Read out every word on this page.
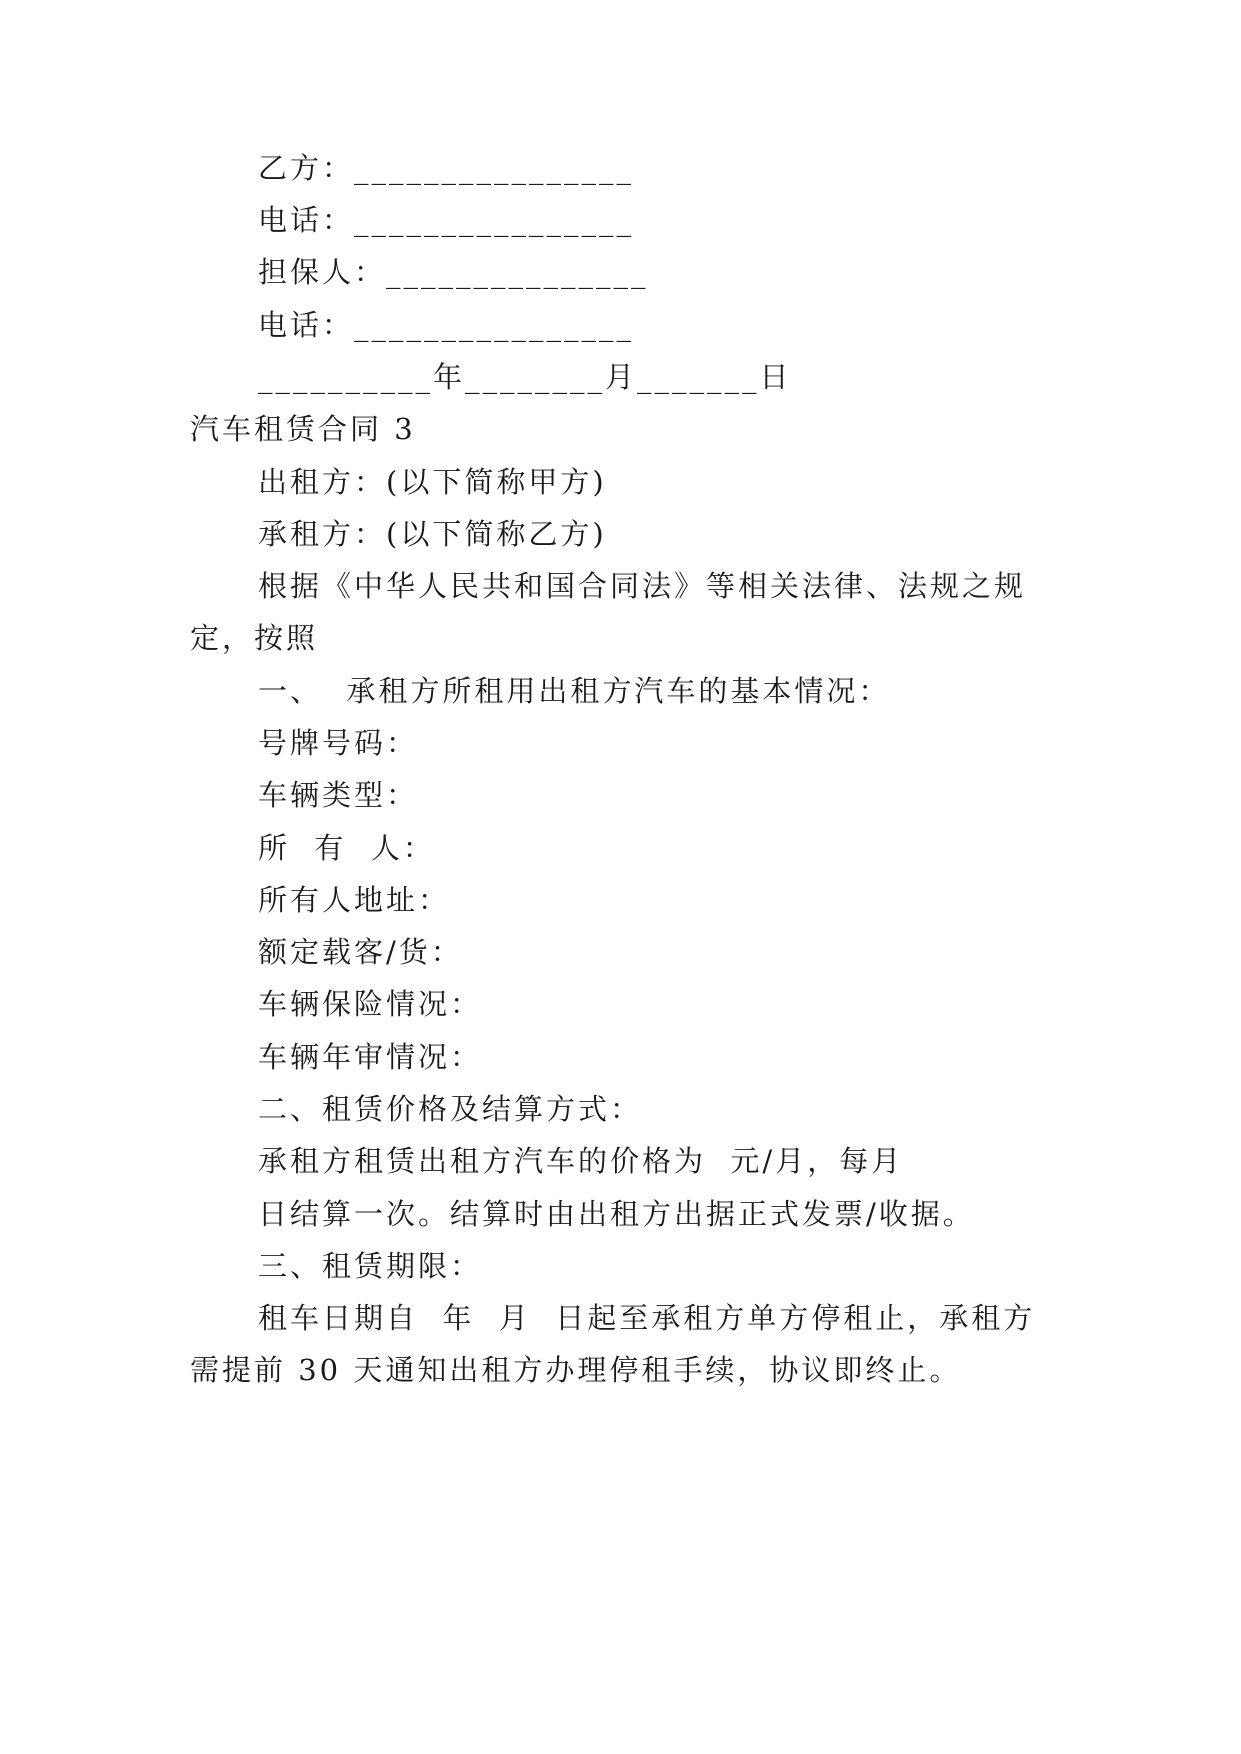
乙方：________________
电话：________________
担保人：_______________
电话：________________
__________年________月_______日
汽车租赁合同 3
出租方：(以下简称甲方)
承租方：(以下简称乙方)
根据《中华人民共和国合同法》等相关法律、法规之规
定，按照
一、  承租方所租用出租方汽车的基本情况：
号牌号码：
车辆类型：
所  有  人：
所有人地址：
额定载客/货：
车辆保险情况：
车辆年审情况：
二、租赁价格及结算方式：
承租方租赁出租方汽车的价格为  元/月，每月
日结算一次。结算时由出租方出据正式发票/收据。
三、租赁期限：
租车日期自  年  月  日起至承租方单方停租止，承租方
需提前 30 天通知出租方办理停租手续，协议即终止。
